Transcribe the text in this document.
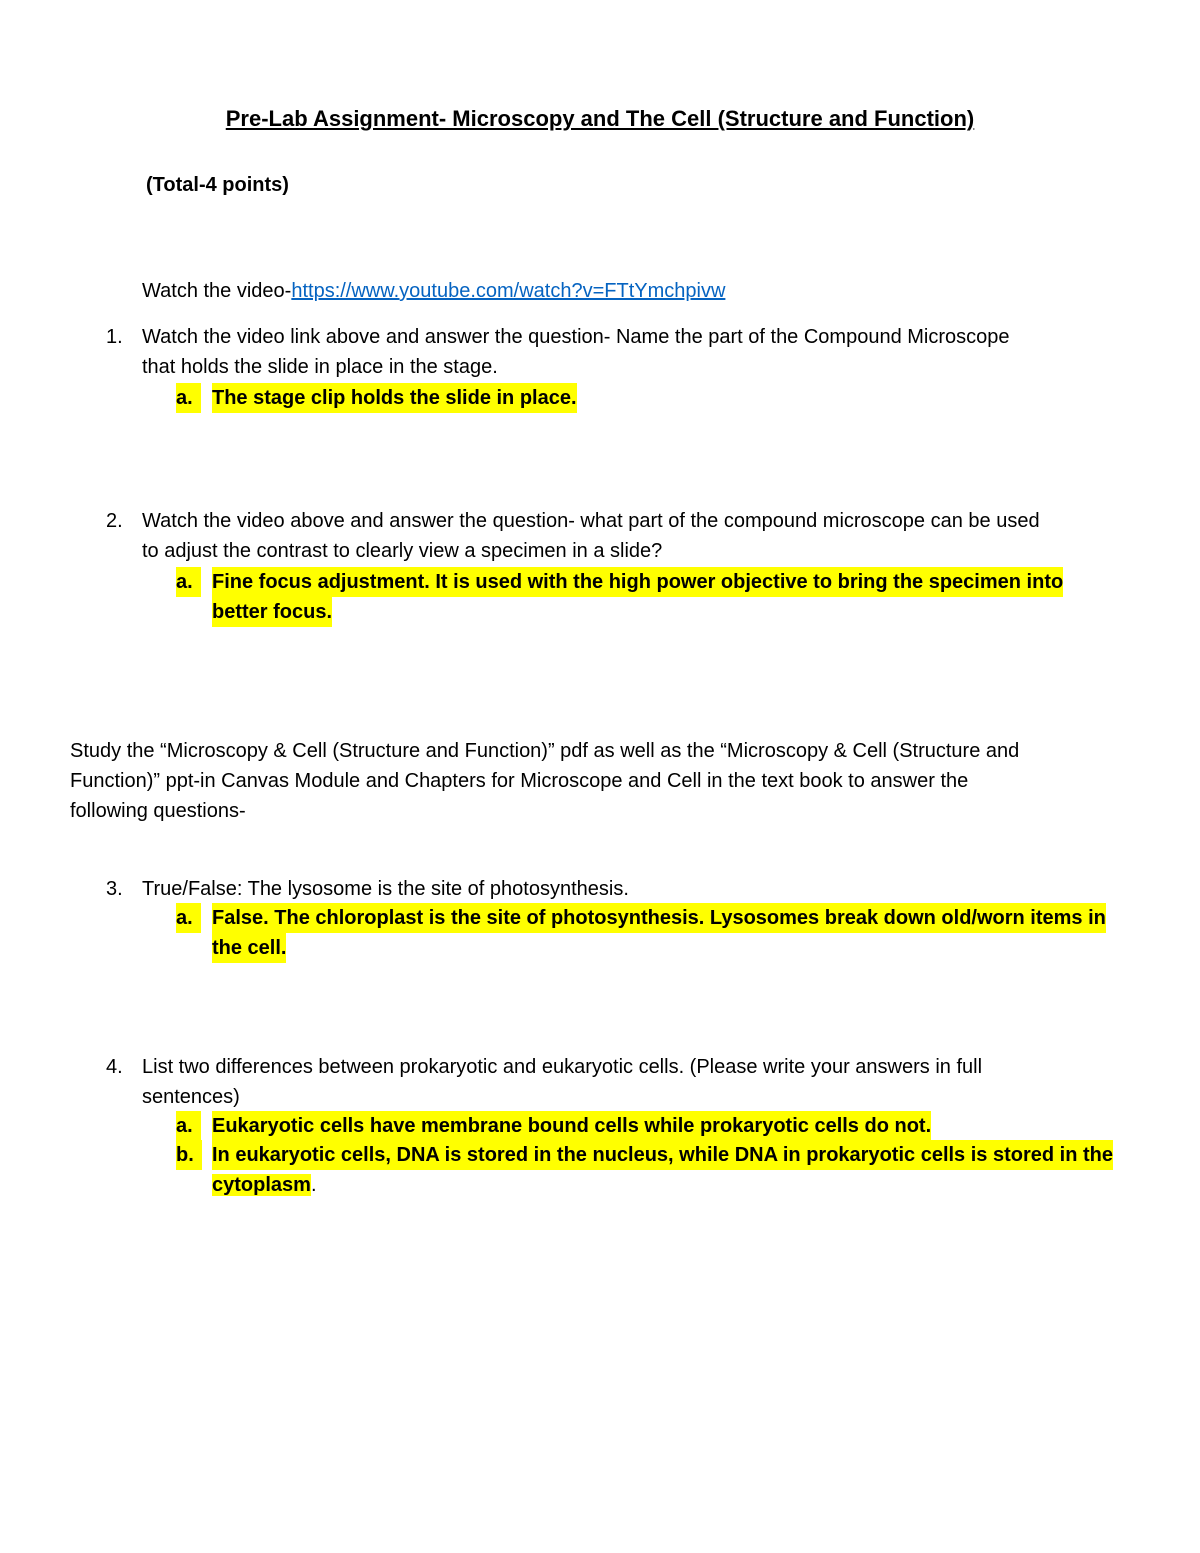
Pre-Lab Assignment- Microscopy and The Cell (Structure and Function)
(Total-4 points)
Watch the video-https://www.youtube.com/watch?v=FTtYmchpivw
1. Watch the video link above and answer the question- Name the part of the Compound Microscope
that holds the slide in place in the stage.
a. The stage clip holds the slide in place.
2. Watch the video above and answer the question- what part of the compound microscope can be used
to adjust the contrast to clearly view a specimen in a slide?
a. Fine focus adjustment. It is used with the high power objective to bring the specimen into
better focus.
Study the “Microscopy & Cell (Structure and Function)” pdf as well as the “Microscopy & Cell (Structure and
Function)” ppt-in Canvas Module and Chapters for Microscope and Cell in the text book to answer the
following questions-
3. True/False: The lysosome is the site of photosynthesis.
a. False. The chloroplast is the site of photosynthesis. Lysosomes break down old/worn items in
the cell.
4. List two differences between prokaryotic and eukaryotic cells. (Please write your answers in full
sentences)
a. Eukaryotic cells have membrane bound cells while prokaryotic cells do not.
b. In eukaryotic cells, DNA is stored in the nucleus, while DNA in prokaryotic cells is stored in the
cytoplasm.
